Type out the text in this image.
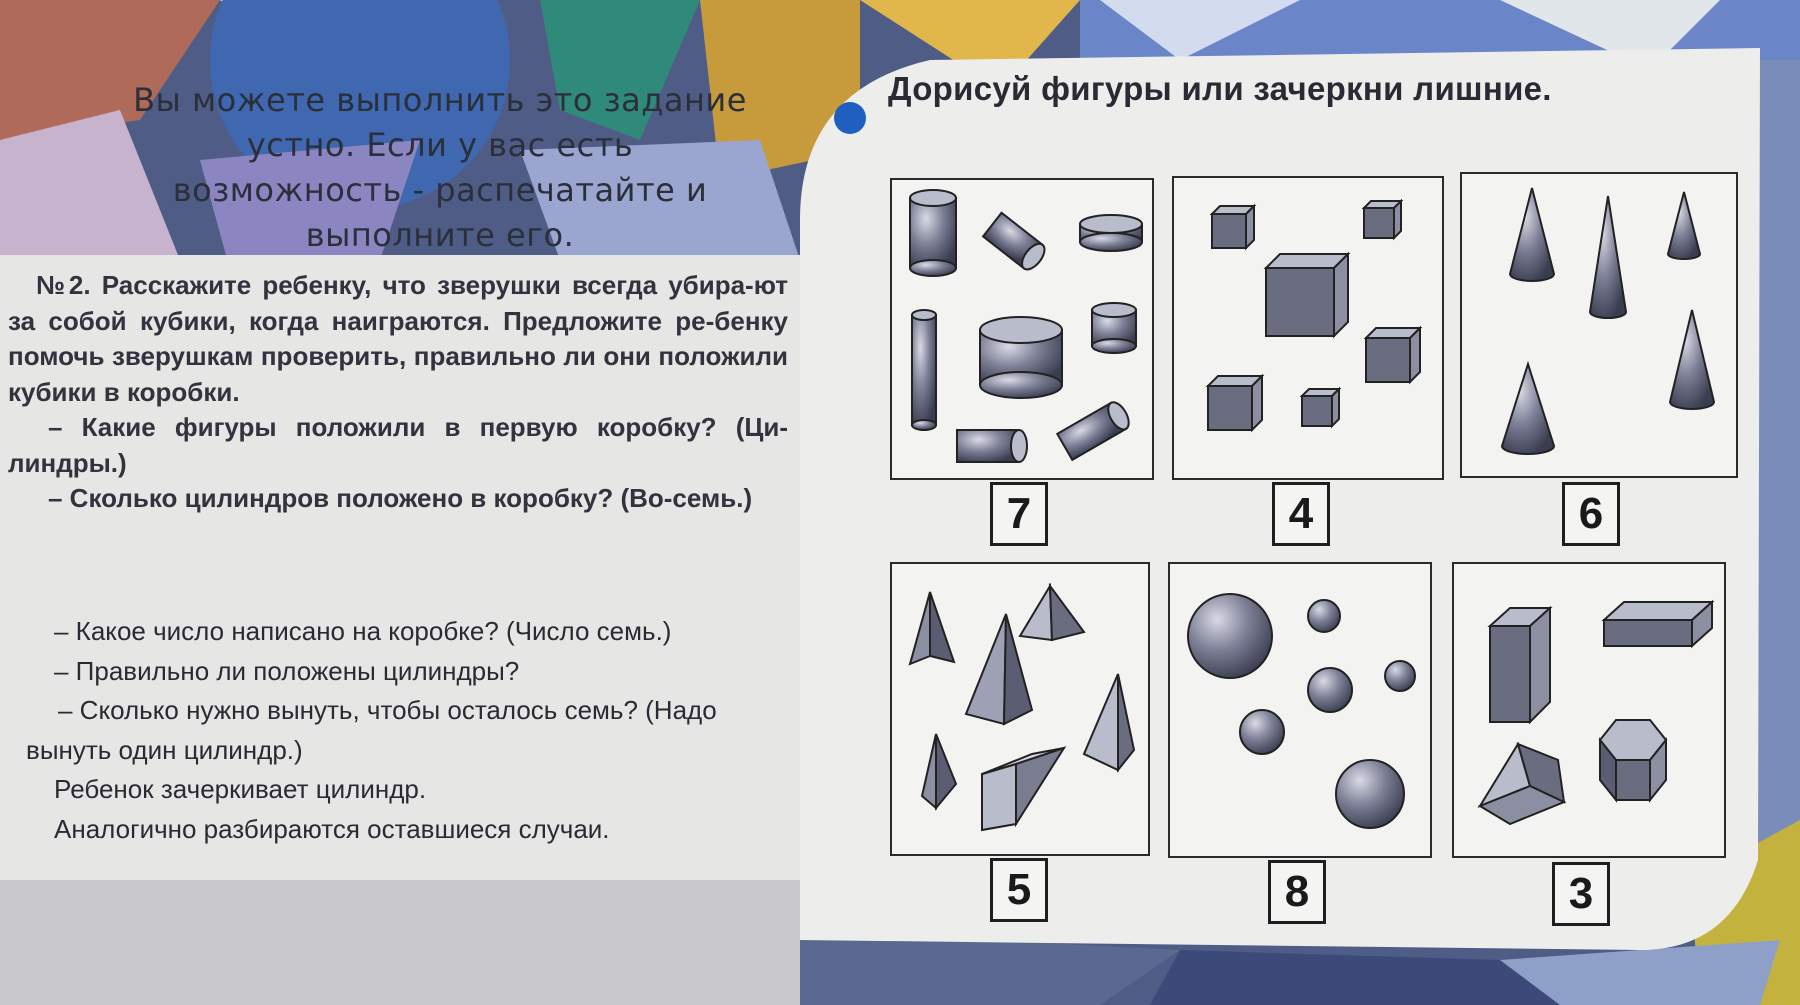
Вы можете выполнить это задание
устно. Если у вас есть
возможность - распечатайте и
выполните его.

№2. Расскажите ребенку, что зверушки всегда убира-ют за собой кубики, когда наиграются. Предложите ре-бенку помочь зверушкам проверить, правильно ли они положили кубики в коробки.

– Какие фигуры положили в первую коробку? (Ци-линдры.)

– Сколько цилиндров положено в коробку? (Во-семь.)

– Какое число написано на коробке? (Число семь.)

– Правильно ли положены цилиндры?

– Сколько нужно вынуть, чтобы осталось семь? (Надо вынуть один цилиндр.)

Ребенок зачеркивает цилиндр.

Аналогично разбираются оставшиеся случаи.

Дорисуй фигуры или зачеркни лишние.
7	4	6
5	8	3
